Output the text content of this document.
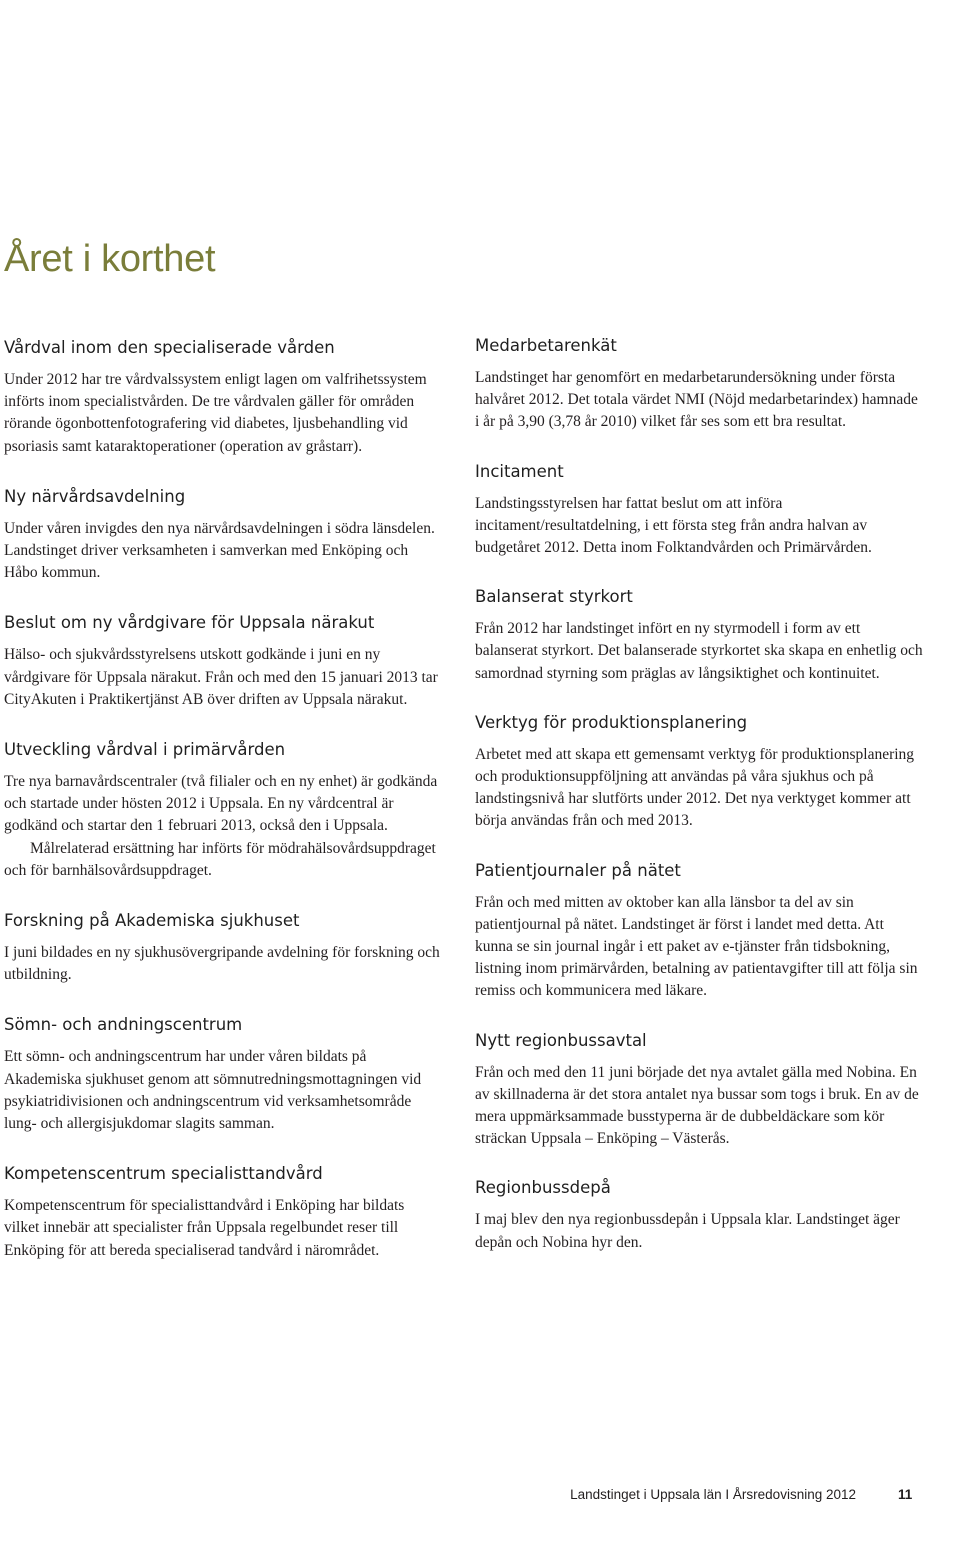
Året i korthet
Vårdval inom den specialiserade vården

Under 2012 har tre vårdvalssystem enligt lagen om valfrihetssystem införts inom specialistvården. De tre vårdvalen gäller för områden rörande ögonbottenfotografering vid diabetes, ljusbehandling vid psoriasis samt kataraktoperationer (operation av gråstarr).

Ny närvårdsavdelning

Under våren invigdes den nya närvårdsavdelningen i södra länsdelen. Landstinget driver verksamheten i samverkan med Enköping och Håbo kommun.

Beslut om ny vårdgivare för Uppsala närakut

Hälso- och sjukvårdsstyrelsens utskott godkände i juni en ny vårdgivare för Uppsala närakut. Från och med den 15 januari 2013 tar CityAkuten i Praktikertjänst AB över driften av Uppsala närakut.

Utveckling vårdval i primärvården

Tre nya barnavårdscentraler (två filialer och en ny enhet) är godkända och startade under hösten 2012 i Uppsala. En ny vårdcentral är godkänd och startar den 1 februari 2013, också den i Uppsala.

Målrelaterad ersättning har införts för mödrahälsovårdsuppdraget och för barnhälsovårdsuppdraget.

Forskning på Akademiska sjukhuset

I juni bildades en ny sjukhusövergripande avdelning för forskning och utbildning.

Sömn- och andningscentrum

Ett sömn- och andningscentrum har under våren bildats på Akademiska sjukhuset genom att sömnutredningsmottagningen vid psykiatridivisionen och andningscentrum vid verksamhetsområde lung- och allergisjukdomar slagits samman.

Kompetenscentrum specialisttandvård

Kompetenscentrum för specialisttandvård i Enköping har bildats vilket innebär att specialister från Uppsala regelbundet reser till Enköping för att bereda specialiserad tandvård i närområdet.

Medarbetarenkät

Landstinget har genomfört en medarbetarundersökning under första halvåret 2012. Det totala värdet NMI (Nöjd medarbetarindex) hamnade i år på 3,90 (3,78 år 2010) vilket får ses som ett bra resultat.

Incitament

Landstingsstyrelsen har fattat beslut om att införa incitament/resultatdelning, i ett första steg från andra halvan av budgetåret 2012. Detta inom Folktandvården och Primärvården.

Balanserat styrkort

Från 2012 har landstinget infört en ny styrmodell i form av ett balanserat styrkort. Det balanserade styrkortet ska skapa en enhetlig och samordnad styrning som präglas av långsiktighet och kontinuitet.

Verktyg för produktionsplanering

Arbetet med att skapa ett gemensamt verktyg för produktionsplanering och produktionsuppföljning att användas på våra sjukhus och på landstingsnivå har slutförts under 2012. Det nya verktyget kommer att börja användas från och med 2013.

Patientjournaler på nätet

Från och med mitten av oktober kan alla länsbor ta del av sin patientjournal på nätet. Landstinget är först i landet med detta. Att kunna se sin journal ingår i ett paket av e-tjänster från tidsbokning, listning inom primärvården, betalning av patientavgifter till att följa sin remiss och kommunicera med läkare.

Nytt regionbussavtal

Från och med den 11 juni började det nya avtalet gälla med Nobina. En av skillnaderna är det stora antalet nya bussar som togs i bruk. En av de mera uppmärksammade busstyperna är de dubbeldäckare som kör sträckan Uppsala – Enköping – Västerås.

Regionbussdepå

I maj blev den nya regionbussdepån i Uppsala klar. Landstinget äger depån och Nobina hyr den.

Landstinget i Uppsala län I Årsredovisning 2012	11
